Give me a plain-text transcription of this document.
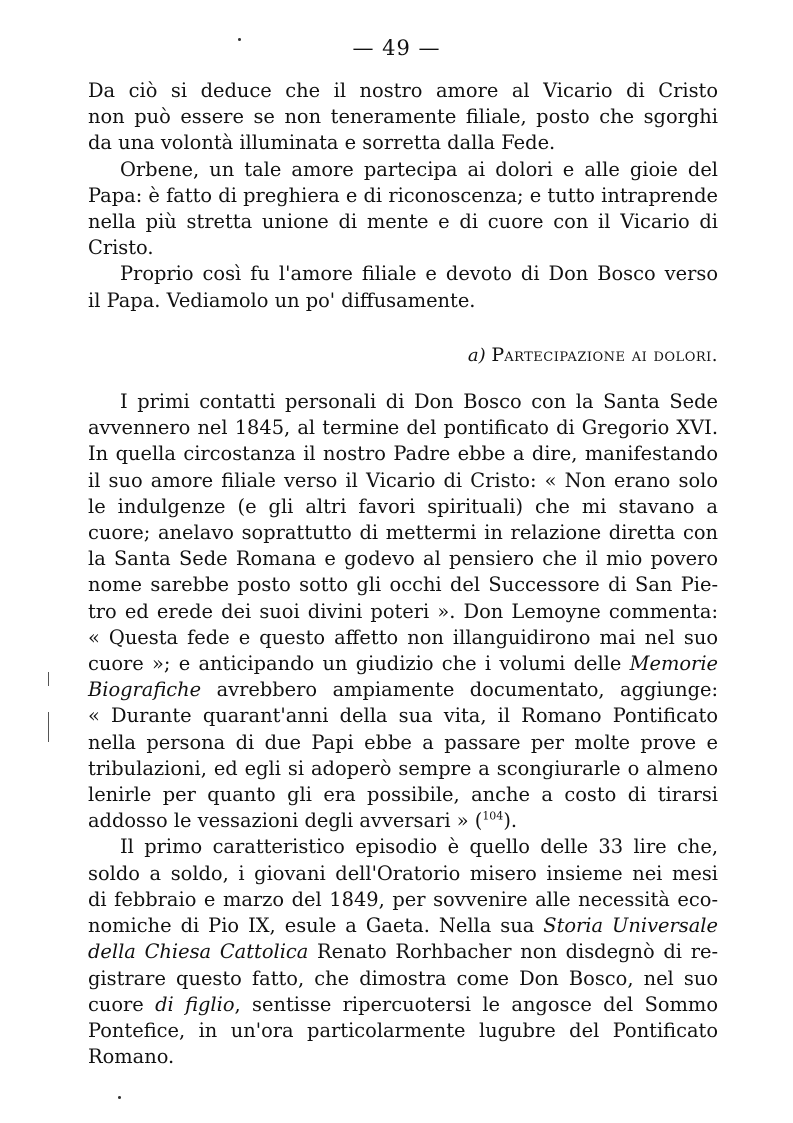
— 49 —
Da ciò si deduce che il nostro amore al Vicario di Cristo
non può essere se non teneramente filiale, posto che sgorghi
da una volontà illuminata e sorretta dalla Fede.
Orbene, un tale amore partecipa ai dolori e alle gioie del
Papa: è fatto di preghiera e di riconoscenza; e tutto intraprende
nella più stretta unione di mente e di cuore con il Vicario di
Cristo.
Proprio così fu l'amore filiale e devoto di Don Bosco verso
il Papa. Vediamolo un po' diffusamente.
a) Partecipazione ai dolori.
I primi contatti personali di Don Bosco con la Santa Sede
avvennero nel 1845, al termine del pontificato di Gregorio XVI.
In quella circostanza il nostro Padre ebbe a dire, manifestando
il suo amore filiale verso il Vicario di Cristo: « Non erano solo
le indulgenze (e gli altri favori spirituali) che mi stavano a
cuore; anelavo soprattutto di mettermi in relazione diretta con
la Santa Sede Romana e godevo al pensiero che il mio povero
nome sarebbe posto sotto gli occhi del Successore di San Pie-
tro ed erede dei suoi divini poteri ». Don Lemoyne commenta:
« Questa fede e questo affetto non illanguidirono mai nel suo
cuore »; e anticipando un giudizio che i volumi delle Memorie
Biografiche avrebbero ampiamente documentato, aggiunge:
« Durante quarant'anni della sua vita, il Romano Pontificato
nella persona di due Papi ebbe a passare per molte prove e
tribulazioni, ed egli si adoperò sempre a scongiurarle o almeno
lenirle per quanto gli era possibile, anche a costo di tirarsi
addosso le vessazioni degli avversari » ($^{104}$).
Il primo caratteristico episodio è quello delle 33 lire che,
soldo a soldo, i giovani dell'Oratorio misero insieme nei mesi
di febbraio e marzo del 1849, per sovvenire alle necessità eco-
nomiche di Pio IX, esule a Gaeta. Nella sua Storia Universale
della Chiesa Cattolica Renato Rorhbacher non disdegnò di re-
gistrare questo fatto, che dimostra come Don Bosco, nel suo
cuore di figlio, sentisse ripercuotersi le angosce del Sommo
Pontefice, in un'ora particolarmente lugubre del Pontificato
Romano.
